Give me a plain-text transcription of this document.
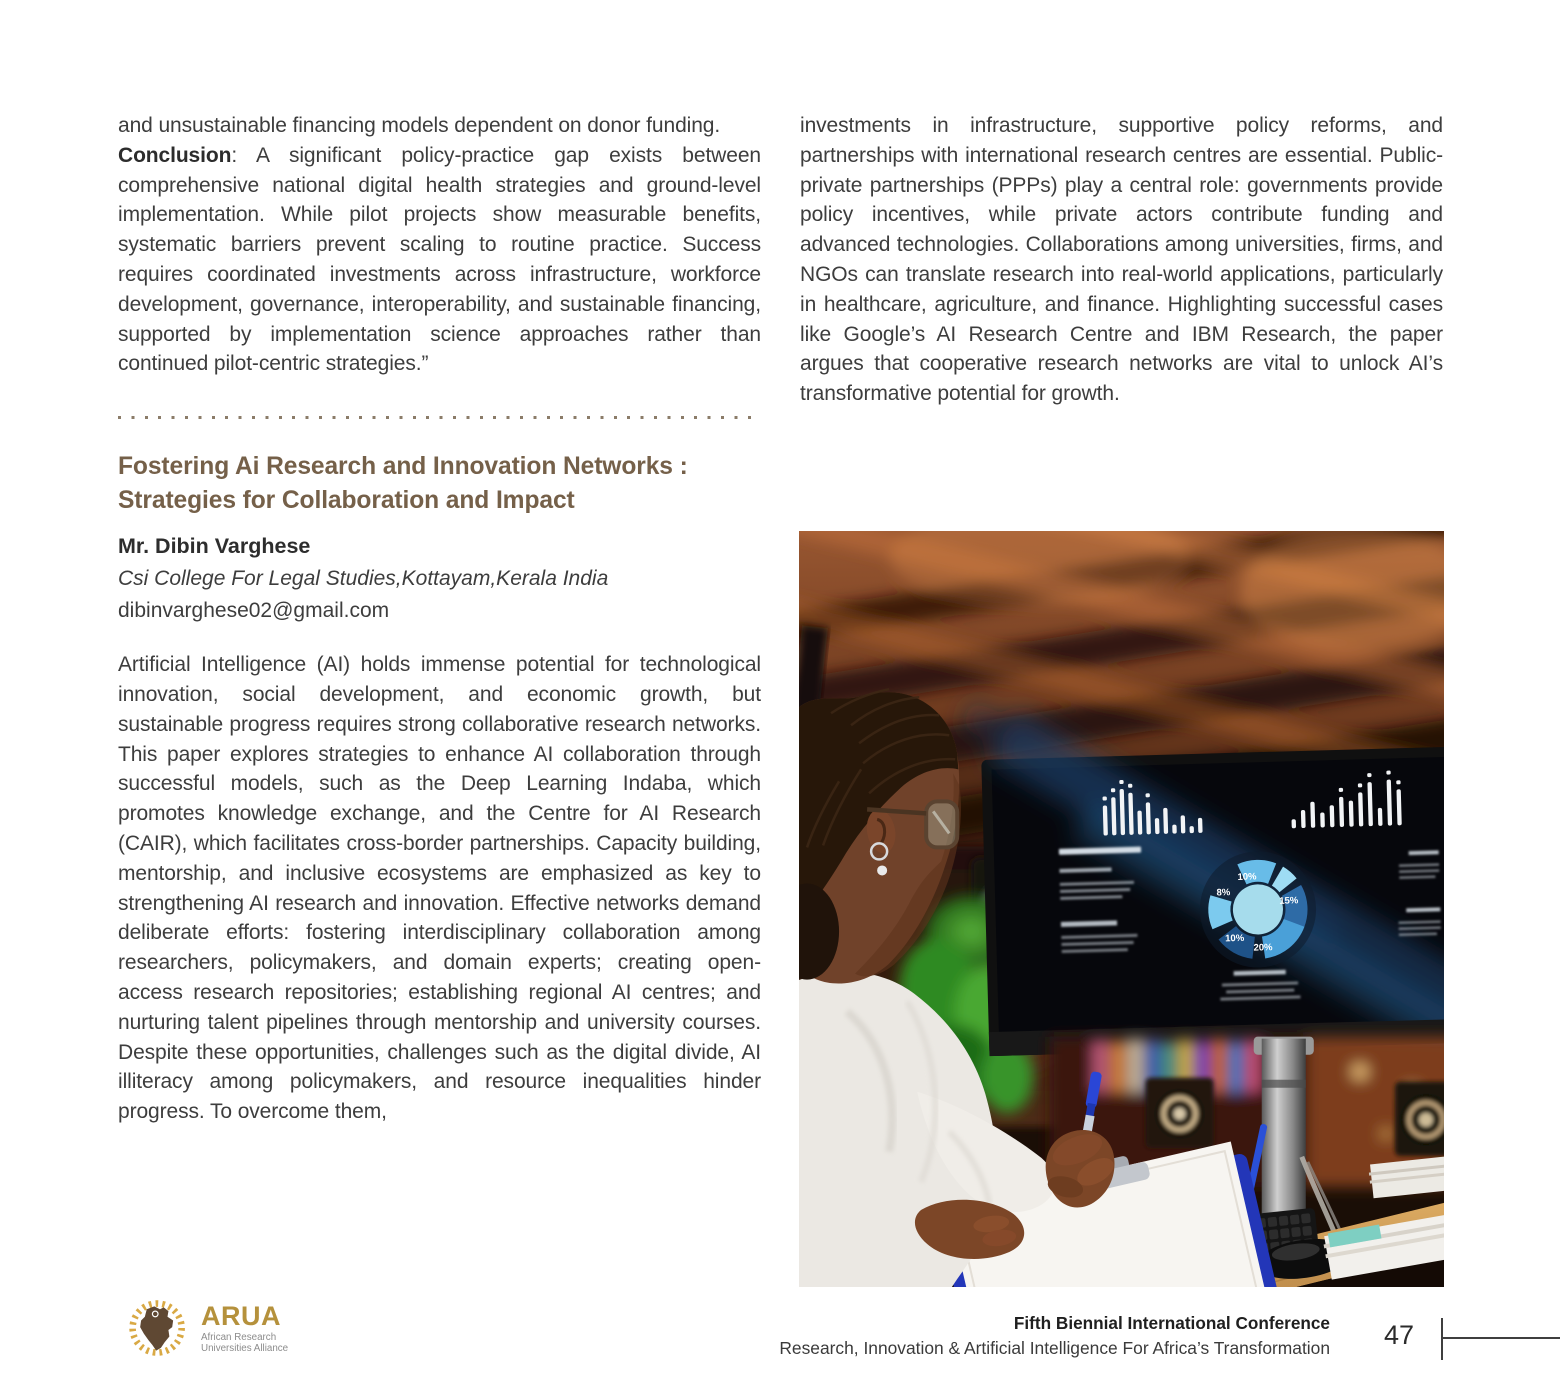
and unsustainable financing models dependent on donor funding.

Conclusion: A significant policy-practice gap exists between comprehensive national digital health strategies and ground-level implementation. While pilot projects show measurable benefits, systematic barriers prevent scaling to routine practice. Success requires coordinated investments across infrastructure, workforce development, governance, interoperability, and sustainable financing, supported by implementation science approaches rather than continued pilot-centric strategies.”

Fostering Ai Research and Innovation Networks : Strategies for Collaboration and Impact

Mr. Dibin Varghese

Csi College For Legal Studies,Kottayam,Kerala India

dibinvarghese02@gmail.com

Artificial Intelligence (AI) holds immense potential for technological innovation, social development, and economic growth, but sustainable progress requires strong collaborative research networks. This paper explores strategies to enhance AI collaboration through successful models, such as the Deep Learning Indaba, which promotes knowledge exchange, and the Centre for AI Research (CAIR), which facilitates cross-border partnerships. Capacity building, mentorship, and inclusive ecosystems are emphasized as key to strengthening AI research and innovation. Effective networks demand deliberate efforts: fostering interdisciplinary collaboration among researchers, policymakers, and domain experts; creating open-access research repositories; establishing regional AI centres; and nurturing talent pipelines through mentorship and university courses. Despite these opportunities, challenges such as the digital divide, AI illiteracy among policymakers, and resource inequalities hinder progress. To overcome them,

investments in infrastructure, supportive policy reforms, and partnerships with international research centres are essential. Public-private partnerships (PPPs) play a central role: governments provide policy incentives, while private actors contribute funding and advanced technologies. Collaborations among universities, firms, and NGOs can translate research into real-world applications, particularly in healthcare, agriculture, and finance. Highlighting successful cases like Google’s AI Research Centre and IBM Research, the paper argues that cooperative research networks are vital to unlock AI’s transformative potential for growth.

10%
15%
20%
10%
8%
ARUA
African Research
Universities Alliance
Fifth Biennial International Conference
Research, Innovation & Artificial Intelligence For Africa’s Transformation 47
